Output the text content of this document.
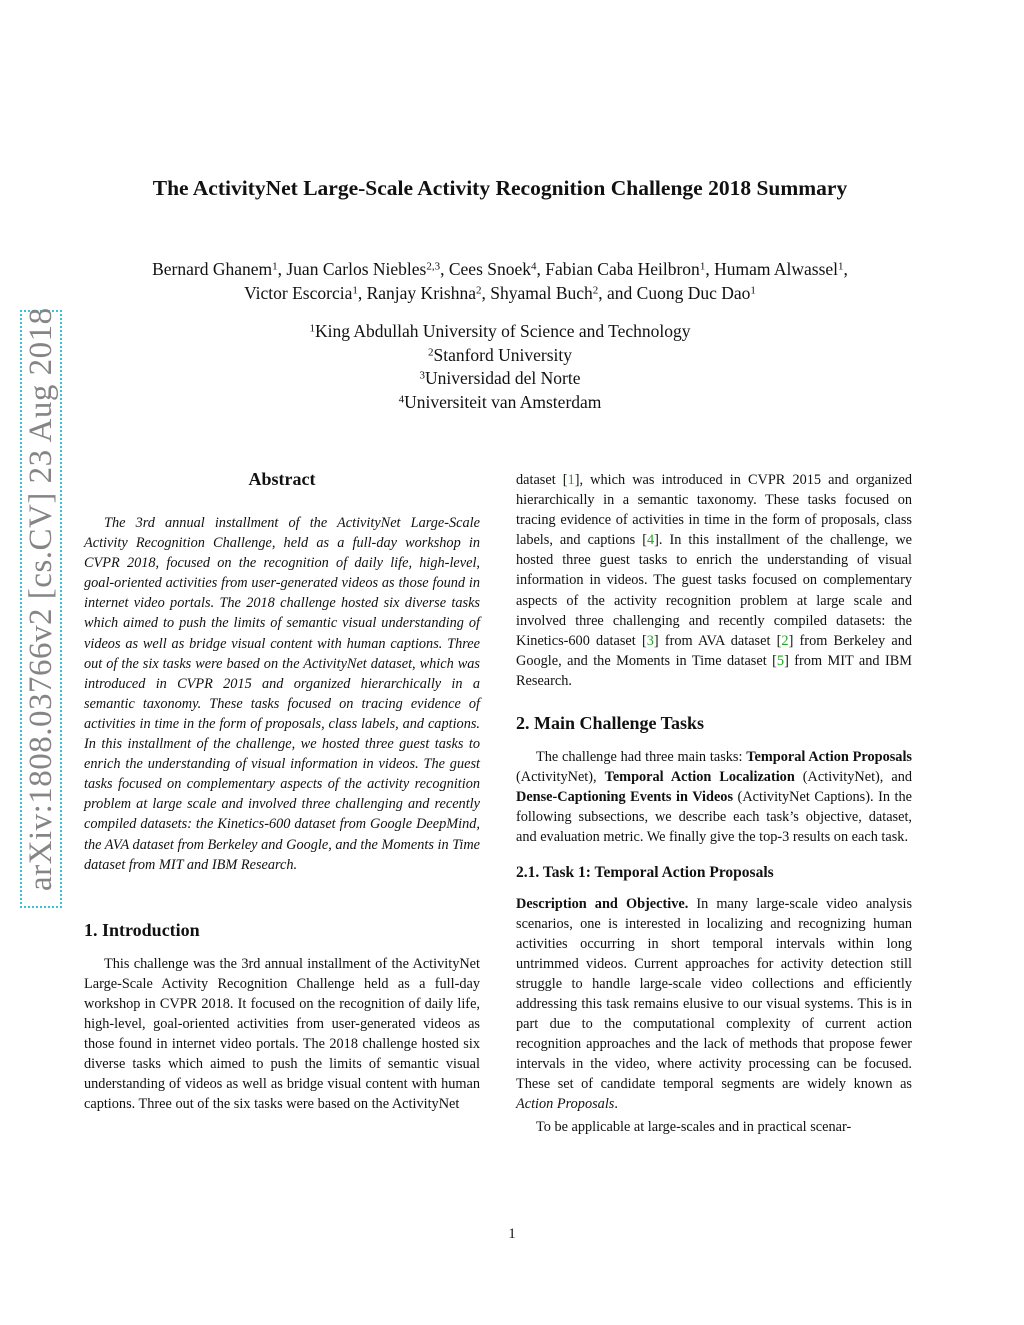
arXiv:1808.03766v2 [cs.CV] 23 Aug 2018
The ActivityNet Large-Scale Activity Recognition Challenge 2018 Summary
Bernard Ghanem$^1$, Juan Carlos Niebles$^{2,3}$, Cees Snoek$^4$, Fabian Caba Heilbron$^1$, Humam Alwassel$^1$,
Victor Escorcia$^1$, Ranjay Krishna$^2$, Shyamal Buch$^2$, and Cuong Duc Dao$^1$
$^1$King Abdullah University of Science and Technology
$^2$Stanford University
$^3$Universidad del Norte
$^4$Universiteit van Amsterdam
Abstract

The 3rd annual installment of the ActivityNet Large-Scale Activity Recognition Challenge, held as a full-day workshop in CVPR 2018, focused on the recognition of daily life, high-level, goal-oriented activities from user-generated videos as those found in internet video portals. The 2018 challenge hosted six diverse tasks which aimed to push the limits of semantic visual understanding of videos as well as bridge visual content with human captions. Three out of the six tasks were based on the ActivityNet dataset, which was introduced in CVPR 2015 and organized hierarchically in a semantic taxonomy. These tasks focused on tracing evidence of activities in time in the form of proposals, class labels, and captions. In this installment of the challenge, we hosted three guest tasks to enrich the understanding of visual information in videos. The guest tasks focused on complementary aspects of the activity recognition problem at large scale and involved three challenging and recently compiled datasets: the Kinetics-600 dataset from Google DeepMind, the AVA dataset from Berkeley and Google, and the Moments in Time dataset from MIT and IBM Research.

1. Introduction

This challenge was the 3rd annual installment of the ActivityNet Large-Scale Activity Recognition Challenge held as a full-day workshop in CVPR 2018. It focused on the recognition of daily life, high-level, goal-oriented activities from user-generated videos as those found in internet video portals. The 2018 challenge hosted six diverse tasks which aimed to push the limits of semantic visual understanding of videos as well as bridge visual content with human captions. Three out of the six tasks were based on the ActivityNet

dataset [1], which was introduced in CVPR 2015 and organized hierarchically in a semantic taxonomy. These tasks focused on tracing evidence of activities in time in the form of proposals, class labels, and captions [4]. In this installment of the challenge, we hosted three guest tasks to enrich the understanding of visual information in videos. The guest tasks focused on complementary aspects of the activity recognition problem at large scale and involved three challenging and recently compiled datasets: the Kinetics-600 dataset [3] from AVA dataset [2] from Berkeley and Google, and the Moments in Time dataset [5] from MIT and IBM Research.

2. Main Challenge Tasks

The challenge had three main tasks: Temporal Action Proposals (ActivityNet), Temporal Action Localization (ActivityNet), and Dense-Captioning Events in Videos (ActivityNet Captions). In the following subsections, we describe each task’s objective, dataset, and evaluation metric. We finally give the top-3 results on each task.

2.1. Task 1: Temporal Action Proposals

Description and Objective. In many large-scale video analysis scenarios, one is interested in localizing and recognizing human activities occurring in short temporal intervals within long untrimmed videos. Current approaches for activity detection still struggle to handle large-scale video collections and efficiently addressing this task remains elusive to our visual systems. This is in part due to the computational complexity of current action recognition approaches and the lack of methods that propose fewer intervals in the video, where activity processing can be focused. These set of candidate temporal segments are widely known as Action Proposals.

To be applicable at large-scales and in practical scenar-

1
